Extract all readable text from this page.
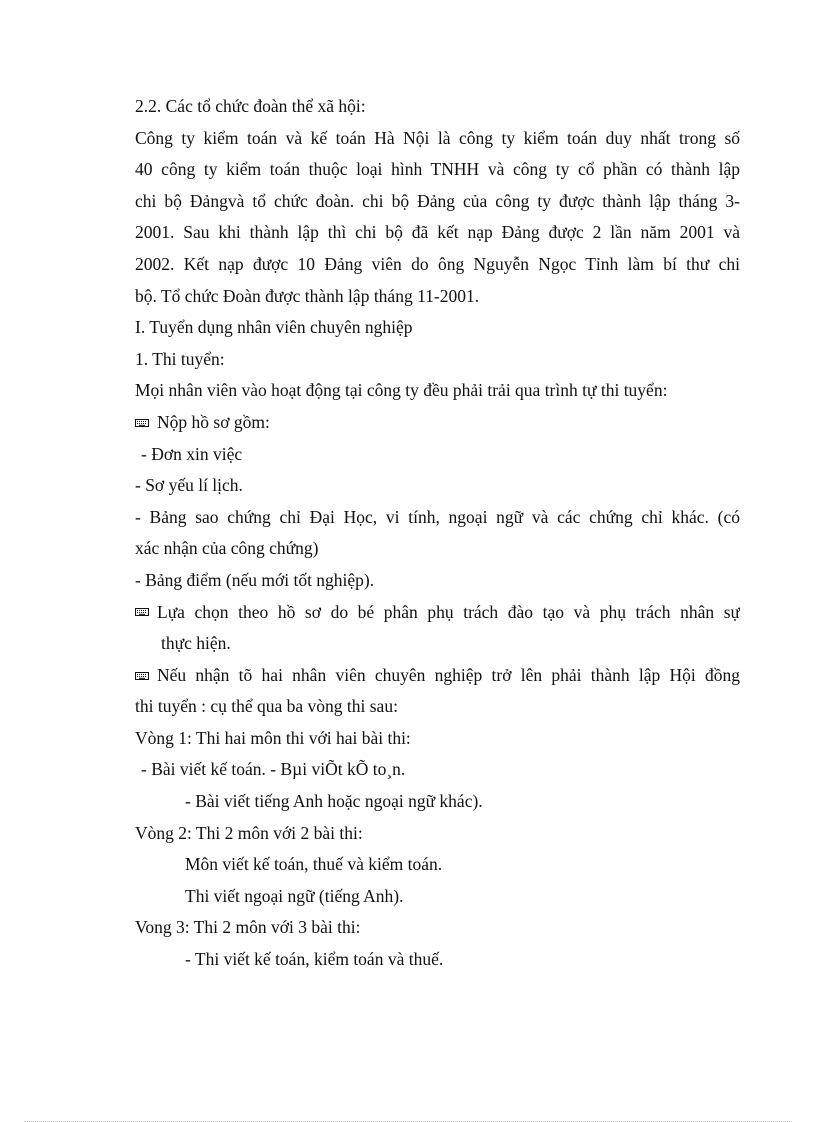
2.2. Các tổ chức đoàn thể xã hội:
Công ty kiểm toán và kế toán Hà Nội là công ty kiểm toán duy nhất trong số
40 công ty kiểm toán thuộc loại hình TNHH và công ty cổ phần có thành lập
chi bộ Đảngvà tổ chức đoàn. chi bộ Đảng của công ty được thành lập tháng 3-
2001. Sau khi thành lập thì chi bộ đã kết nạp Đảng được 2 lần năm 2001 và
2002. Kết nạp được 10 Đảng viên do ông Nguyễn Ngọc Tỉnh làm bí thư chi
bộ. Tổ chức Đoàn được thành lập tháng 11-2001.
I. Tuyển dụng nhân viên chuyên nghiệp
1. Thi tuyển:
Mọi nhân viên vào hoạt động tại công ty đều phải trải qua trình tự thi tuyển:
Nộp hồ sơ gồm:
- Đơn xin việc
- Sơ yếu lí lịch.
- Bảng sao chứng chỉ Đại Học, vi tính, ngoại ngữ và các chứng chỉ khác. (có
xác nhận của công chứng)
- Bảng điểm (nếu mới tốt nghiệp).
Lựa chọn theo hồ sơ do bé phân phụ trách đào tạo và phụ trách nhân sự
thực hiện.
Nếu nhận tõ hai nhân viên chuyên nghiệp trở lên phải thành lập Hội đồng
thi tuyển : cụ thể qua ba vòng thi sau:
Vòng 1: Thi hai môn thi với hai bài thi:
- Bài viết kế toán. - Bµi viÕt kÕ to¸n.
- Bài viết tiếng Anh hoặc ngoại ngữ khác).
Vòng 2: Thi 2 môn với 2 bài thi:
Môn viết kế toán, thuế và kiểm toán.
Thi viết ngoại ngữ (tiếng Anh).
Vong 3: Thi 2 môn với 3 bài thi:
- Thi viết kế toán, kiểm toán và thuế.
